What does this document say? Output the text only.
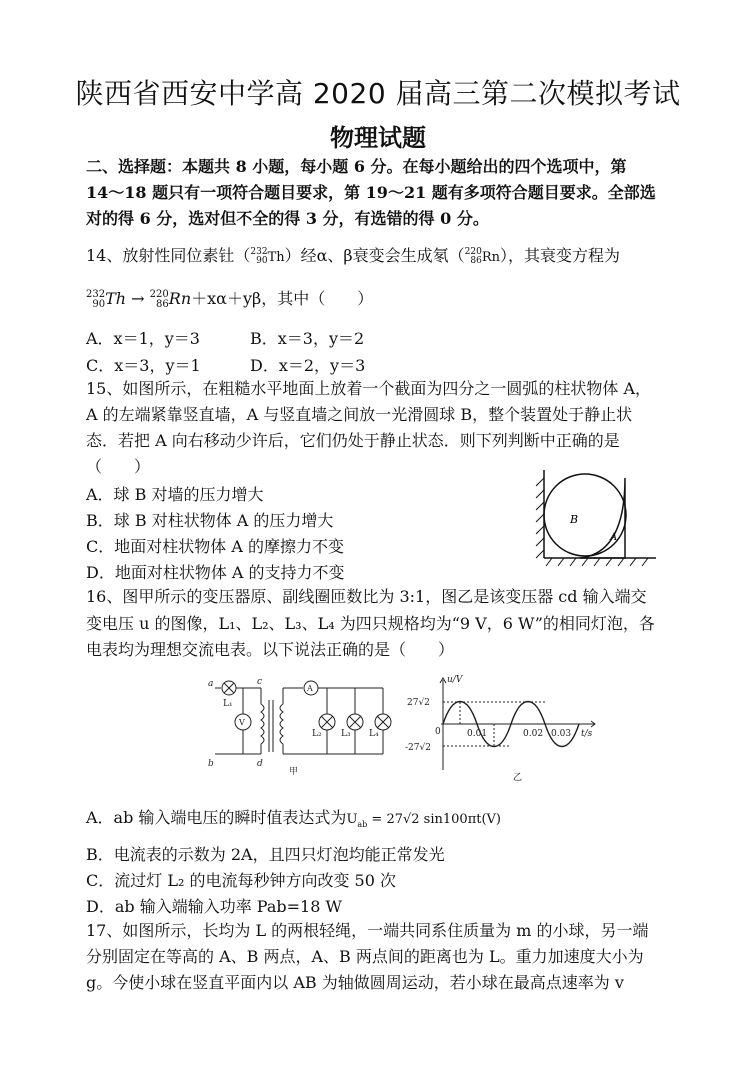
陕西省西安中学高 2020 届高三第二次模拟考试
物理试题
二、选择题：本题共 8 小题，每小题 6 分。在每小题给出的四个选项中，第
14～18 题只有一项符合题目要求，第 19～21 题有多项符合题目要求。全部选
对的得 6 分，选对但不全的得 3 分，有选错的得 0 分。
14、放射性同位素钍（232
90Th）经α、β衰变会生成氡（220
86Rn），其衰变方程为
232
90Th → 220
86Rn＋xα＋yβ，其中（　　）
A．x＝1，y＝3	B．x＝3，y＝2
C．x＝3，y＝1	D．x＝2，y＝3
15、如图所示，在粗糙水平地面上放着一个截面为四分之一圆弧的柱状物体 A，
A 的左端紧靠竖直墙，A 与竖直墙之间放一光滑圆球 B，整个装置处于静止状
态．若把 A 向右移动少许后，它们仍处于静止状态．则下列判断中正确的是
（　　）
A．球 B 对墙的压力增大
B．球 B 对柱状物体 A 的压力增大
C．地面对柱状物体 A 的摩擦力不变
D．地面对柱状物体 A 的支持力不变
B
A
16、图甲所示的变压器原、副线圈匝数比为 3:1，图乙是该变压器 cd 输入端交
变电压 u 的图像，L₁、L₂、L₃、L₄ 为四只规格均为“9 V，6 W”的相同灯泡，各
电表均为理想交流电表。以下说法正确的是（　　）
a
b
c
d
L₁
V
A
L₂ L₃ L₄
甲
u/V
27√2
-27√2
0	0.01	0.02 0.03 t/s
乙
A．ab 输入端电压的瞬时值表达式为$U_{ab} = 27√2$ sin100πt(V)
B．电流表的示数为 2A，且四只灯泡均能正常发光
C．流过灯 L₂ 的电流每秒钟方向改变 50 次
D．ab 输入端输入功率 Pab=18 W
17、如图所示，长均为 L 的两根轻绳，一端共同系住质量为 m 的小球，另一端
分别固定在等高的 A、B 两点，A、B 两点间的距离也为 L。重力加速度大小为
g。今使小球在竖直平面内以 AB 为轴做圆周运动，若小球在最高点速率为 v
